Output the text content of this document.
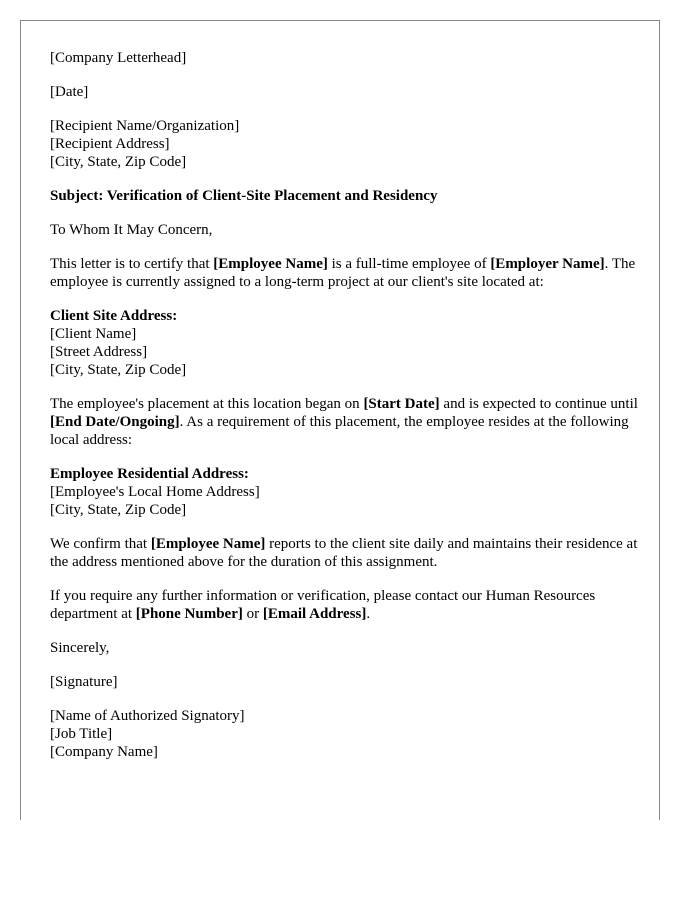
[Company Letterhead]

[Date]

[Recipient Name/Organization]
[Recipient Address]
[City, State, Zip Code]

Subject: Verification of Client-Site Placement and Residency

To Whom It May Concern,

This letter is to certify that [Employee Name] is a full-time employee of [Employer Name]. The employee is currently assigned to a long-term project at our client's site located at:

Client Site Address:
[Client Name]
[Street Address]
[City, State, Zip Code]

The employee's placement at this location began on [Start Date] and is expected to continue until [End Date/Ongoing]. As a requirement of this placement, the employee resides at the following local address:

Employee Residential Address:
[Employee's Local Home Address]
[City, State, Zip Code]

We confirm that [Employee Name] reports to the client site daily and maintains their residence at the address mentioned above for the duration of this assignment.

If you require any further information or verification, please contact our Human Resources department at [Phone Number] or [Email Address].

Sincerely,

[Signature]

[Name of Authorized Signatory]
[Job Title]
[Company Name]
